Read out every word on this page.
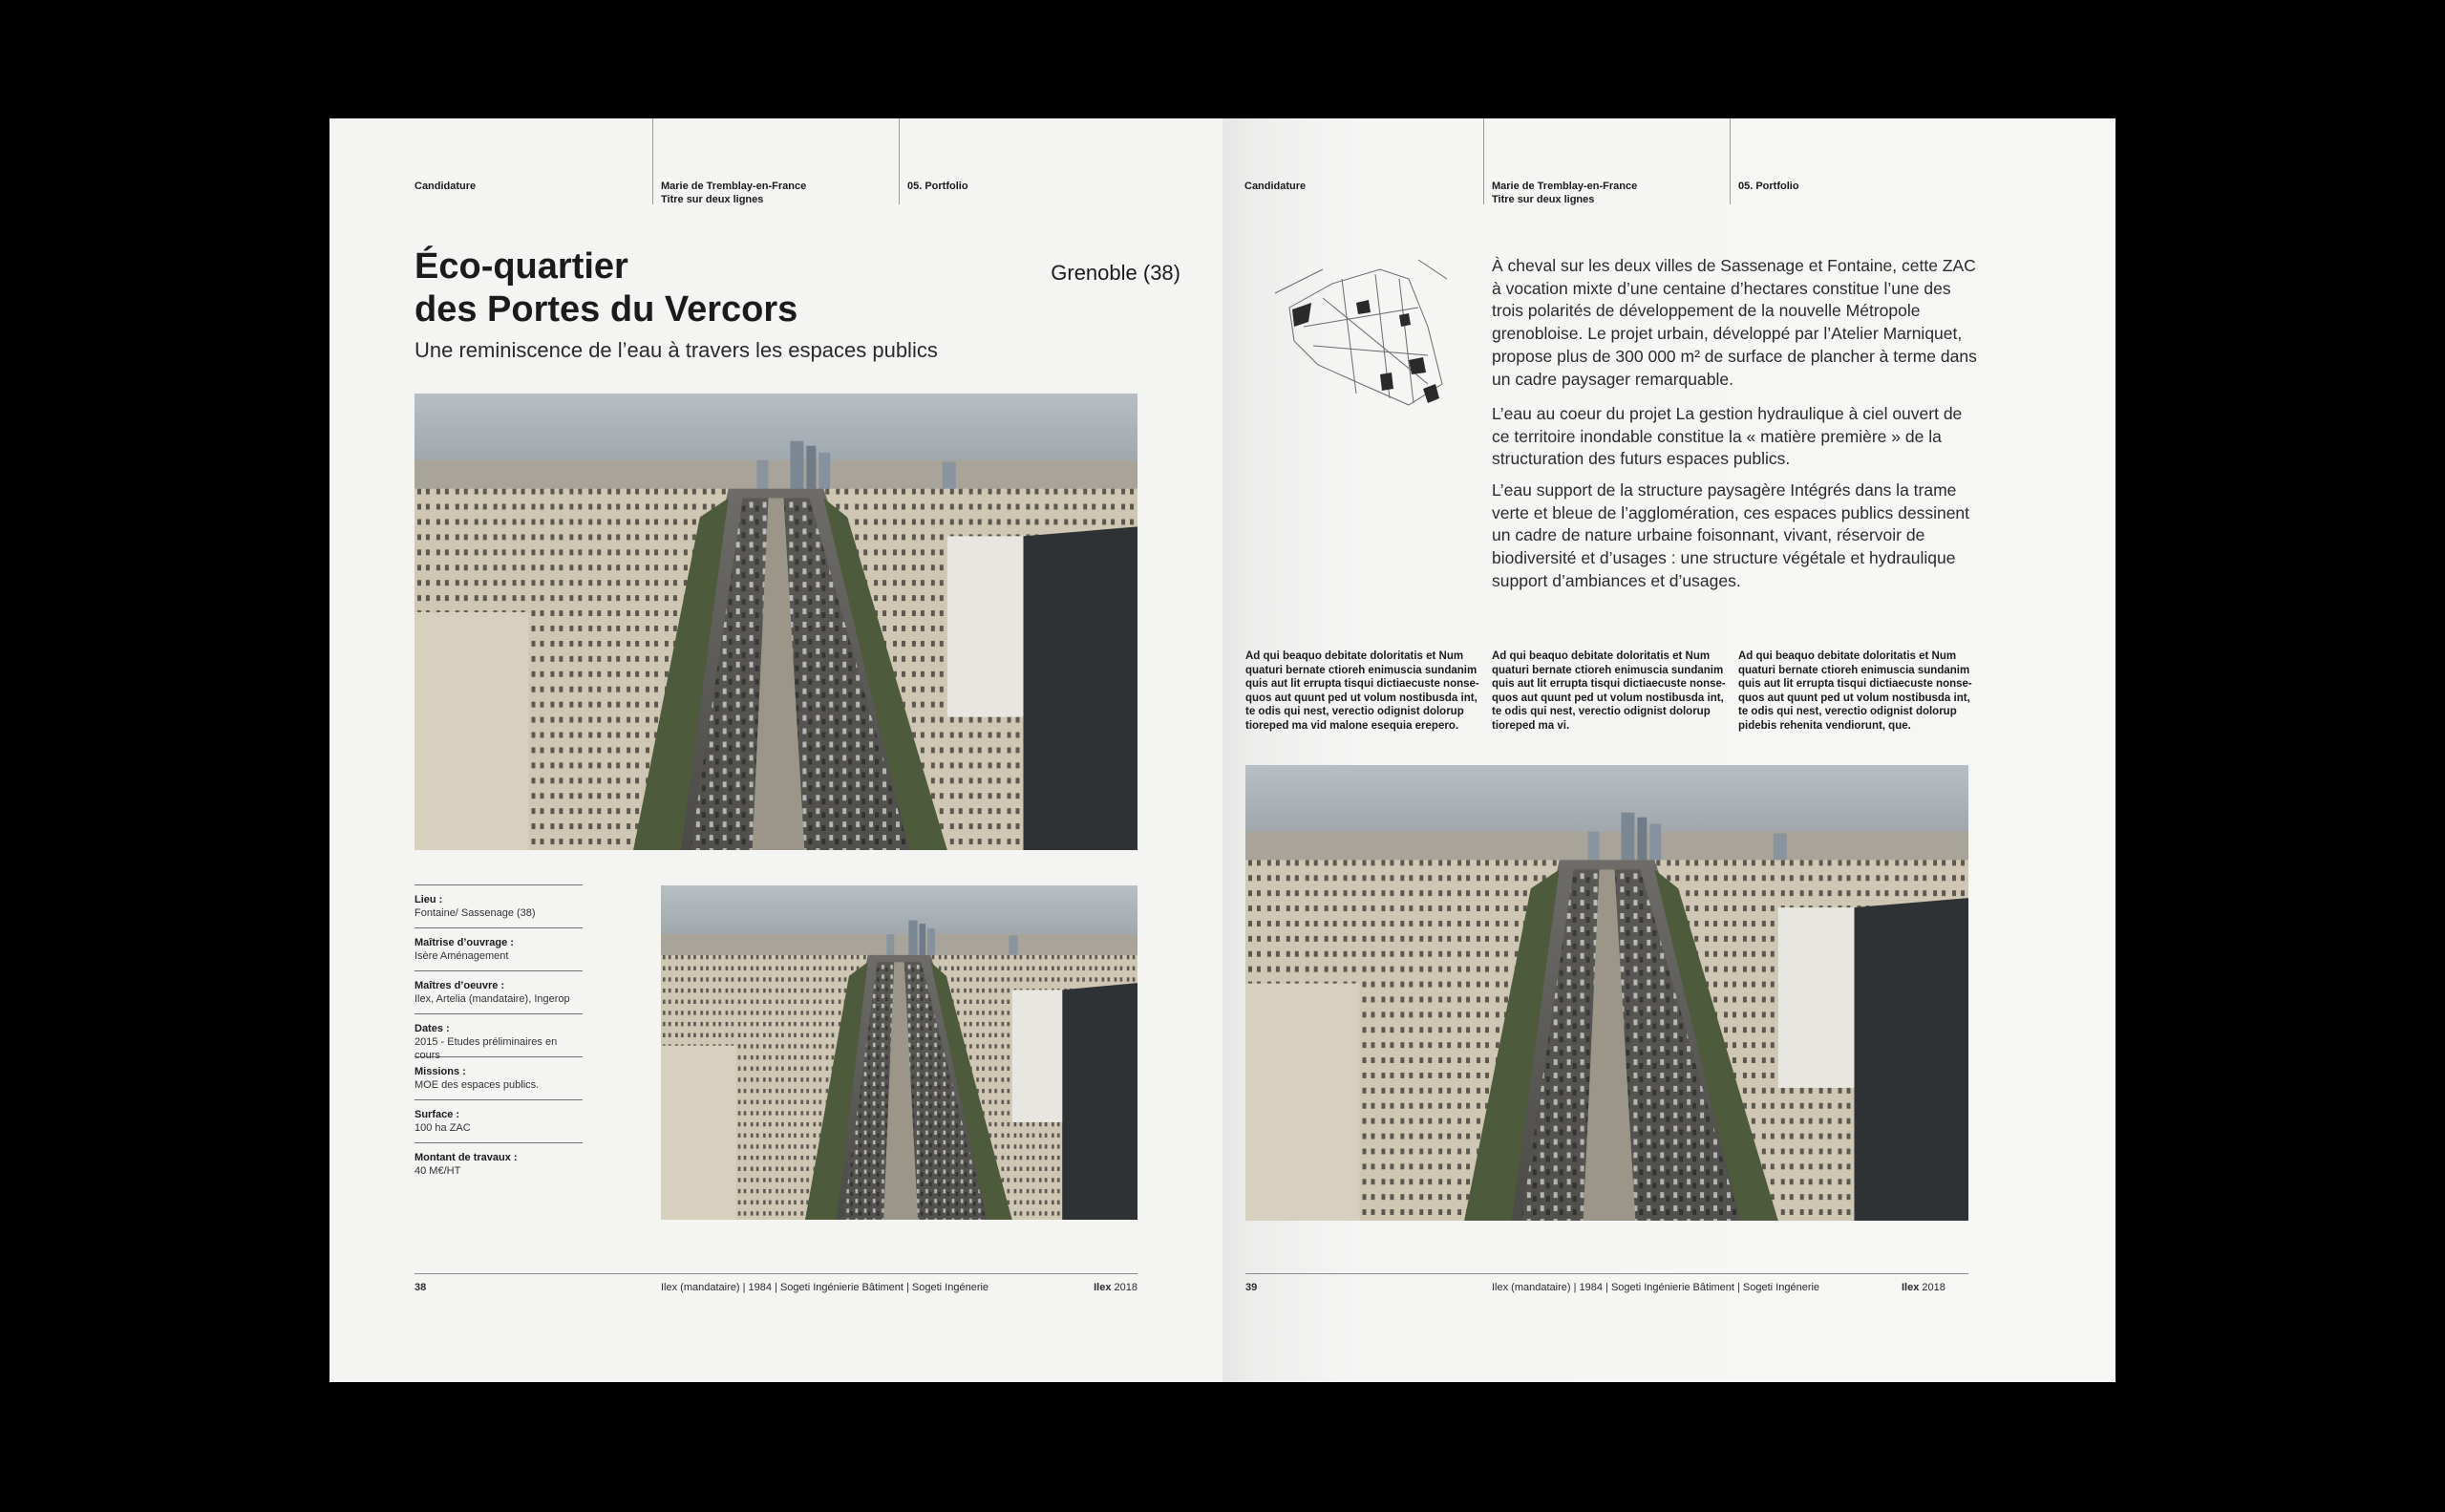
Candidature	Marie de Tremblay-en-France
Titre sur deux lignes
05. Portfolio
Éco-quartier
des Portes du Vercors
Grenoble (38)
Une reminiscence de l’eau à travers les espaces publics
Lieu :
Fontaine/ Sassenage (38)
Maîtrise d’ouvrage :
Isère Aménagement
Maîtres d’oeuvre :
Ilex, Artelia (mandataire), Ingerop
Dates :
2015 - Etudes préliminaires en cours
Missions :
MOE des espaces publics.
Surface :
100 ha ZAC
Montant de travaux :
40 M€/HT
38	Ilex (mandataire) | 1984 | Sogeti Ingénierie Bâtiment | Sogeti Ingénerie	Ilex 2018
Candidature	Marie de Tremblay-en-France
Titre sur deux lignes
05. Portfolio
À cheval sur les deux villes de Sassenage et Fontaine, cette ZAC à vocation mixte d’une centaine d’hectares constitue l’une des trois polarités de développement de la nouvelle Métropole grenobloise. Le projet urbain, développé par l’Atelier Marniquet, propose plus de 300 000 m² de surface de plancher à terme dans un cadre paysager remarquable.
L’eau au coeur du projet La gestion hydraulique à ciel ouvert de ce territoire inondable constitue la « matière première » de la structuration des futurs espaces publics.
L’eau support de la structure paysagère Intégrés dans la trame verte et bleue de l’agglomération, ces espaces publics dessinent un cadre de nature urbaine foisonnant, vivant, réservoir de biodiversité et d’usages : une structure végétale et hydraulique support d’ambiances et d’usages.
Ad qui beaquo debitate doloritatis et Num quaturi bernate ctioreh enimuscia sundanim quis aut lit errupta tisqui dictiaecuste nonse-quos aut quunt ped ut volum nostibusda int, te odis qui nest, verectio odignist dolorup tioreped ma vid malone esequia erepero.
Ad qui beaquo debitate doloritatis et Num quaturi bernate ctioreh enimuscia sundanim quis aut lit errupta tisqui dictiaecuste nonse-quos aut quunt ped ut volum nostibusda int, te odis qui nest, verectio odignist dolorup tioreped ma vi.
Ad qui beaquo debitate doloritatis et Num quaturi bernate ctioreh enimuscia sundanim quis aut lit errupta tisqui dictiaecuste nonse-quos aut quunt ped ut volum nostibusda int, te odis qui nest, verectio odignist dolorup pidebis rehenita vendiorunt, que.
39	Ilex (mandataire) | 1984 | Sogeti Ingénierie Bâtiment | Sogeti Ingénerie	Ilex 2018
